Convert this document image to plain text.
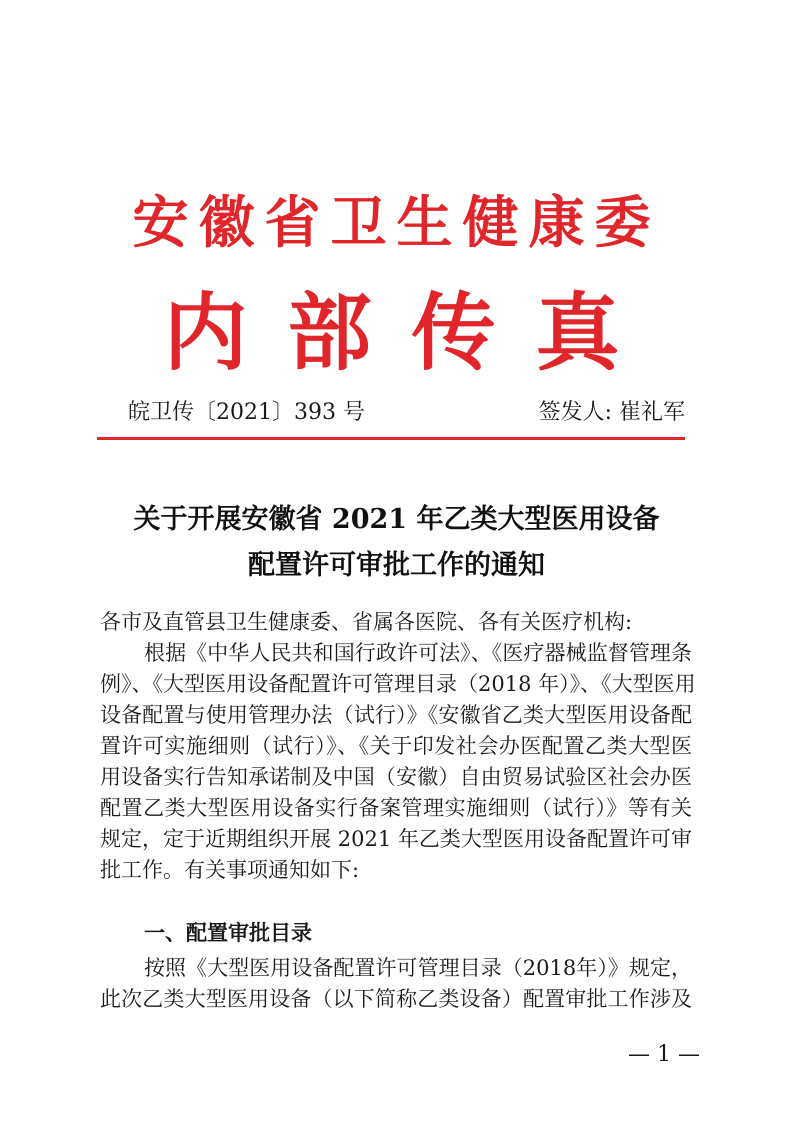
安徽省卫生健康委
内部传真
皖卫传〔2021〕393 号	签发人: 崔礼军
关于开展安徽省 2021 年乙类大型医用设备
配置许可审批工作的通知
各市及直管县卫生健康委、省属各医院、各有关医疗机构:
根据《中华人民共和国行政许可法》、《医疗器械监督管理条
例》、《大型医用设备配置许可管理目录（2018 年）》、《大型医用
设备配置与使用管理办法（试行）》《安徽省乙类大型医用设备配
置许可实施细则（试行）》、《关于印发社会办医配置乙类大型医
用设备实行告知承诺制及中国（安徽）自由贸易试验区社会办医
配置乙类大型医用设备实行备案管理实施细则（试行）》等有关
规定，定于近期组织开展 2021 年乙类大型医用设备配置许可审
批工作。有关事项通知如下:
一、配置审批目录
按照《大型医用设备配置许可管理目录（2018年）》规定，
此次乙类大型医用设备（以下简称乙类设备）配置审批工作涉及
— 1 —
